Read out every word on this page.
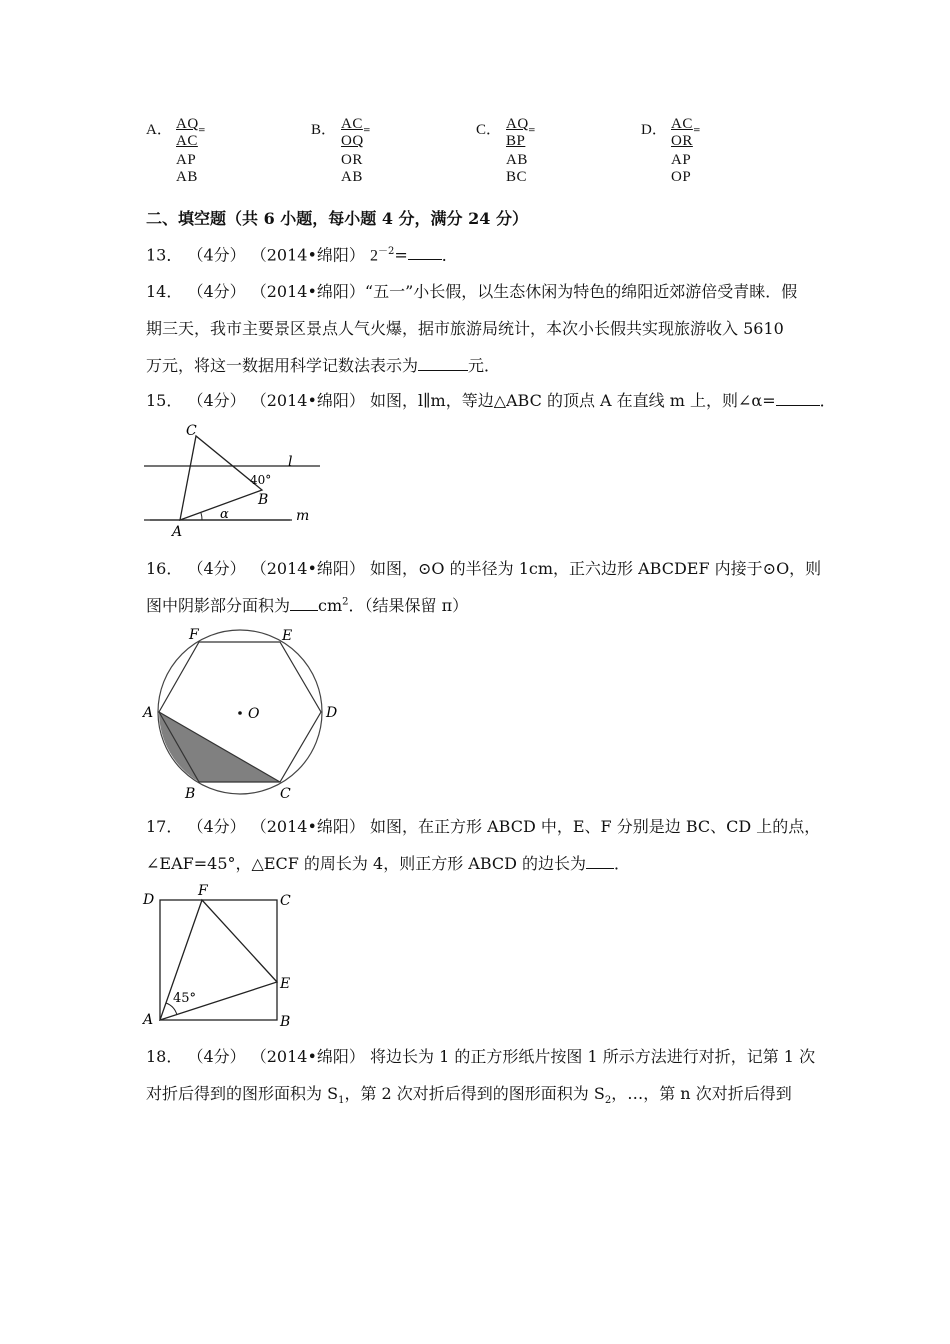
A． $\frac{\text{AQ AC}}{\text{AP AB}}$ =	B． $\frac{\text{AC OQ}}{\text{OR AB}}$ =	C． $\frac{\text{AQ BP}}{\text{AB BC}}$ =	D． $\frac{\text{AC OR}}{\text{AP OP}}$ =
二、填空题（共 6 小题，每小题 4 分，满分 24 分）
13． （4分） （2014•绵阳） $2^{-2}=$ ．
14． （4分） （2014•绵阳）“五一”小长假，以生态休闲为特色的绵阳近郊游倍受青睐．假
期三天，我市主要景区景点人气火爆，据市旅游局统计，本次小长假共实现旅游收入 5610
万元，将这一数据用科学记数法表示为	元．
15． （4分） （2014•绵阳） 如图，l∥m，等边△ABC 的顶点 A 在直线 m 上，则∠α=	．
C
A
B
40°
α
l
m
16． （4分） （2014•绵阳） 如图，⊙O 的半径为 1cm，正六边形 ABCDEF 内接于⊙O，则
图中阴影部分面积为 $cm^2$．（结果保留 π）
O
A
B	C
D
E
F
17． （4分） （2014•绵阳） 如图，在正方形 ABCD 中，E、F 分别是边 BC、CD 上的点，
∠EAF=45°，△ECF 的周长为 4，则正方形 ABCD 的边长为 ．
D
F
C
E
A	B
45°
18． （4分） （2014•绵阳） 将边长为 1 的正方形纸片按图 1 所示方法进行对折，记第 1 次
对折后得到的图形面积为 $S_1$，第 2 次对折后得到的图形面积为 $S_2$，…，第 n 次对折后得到
